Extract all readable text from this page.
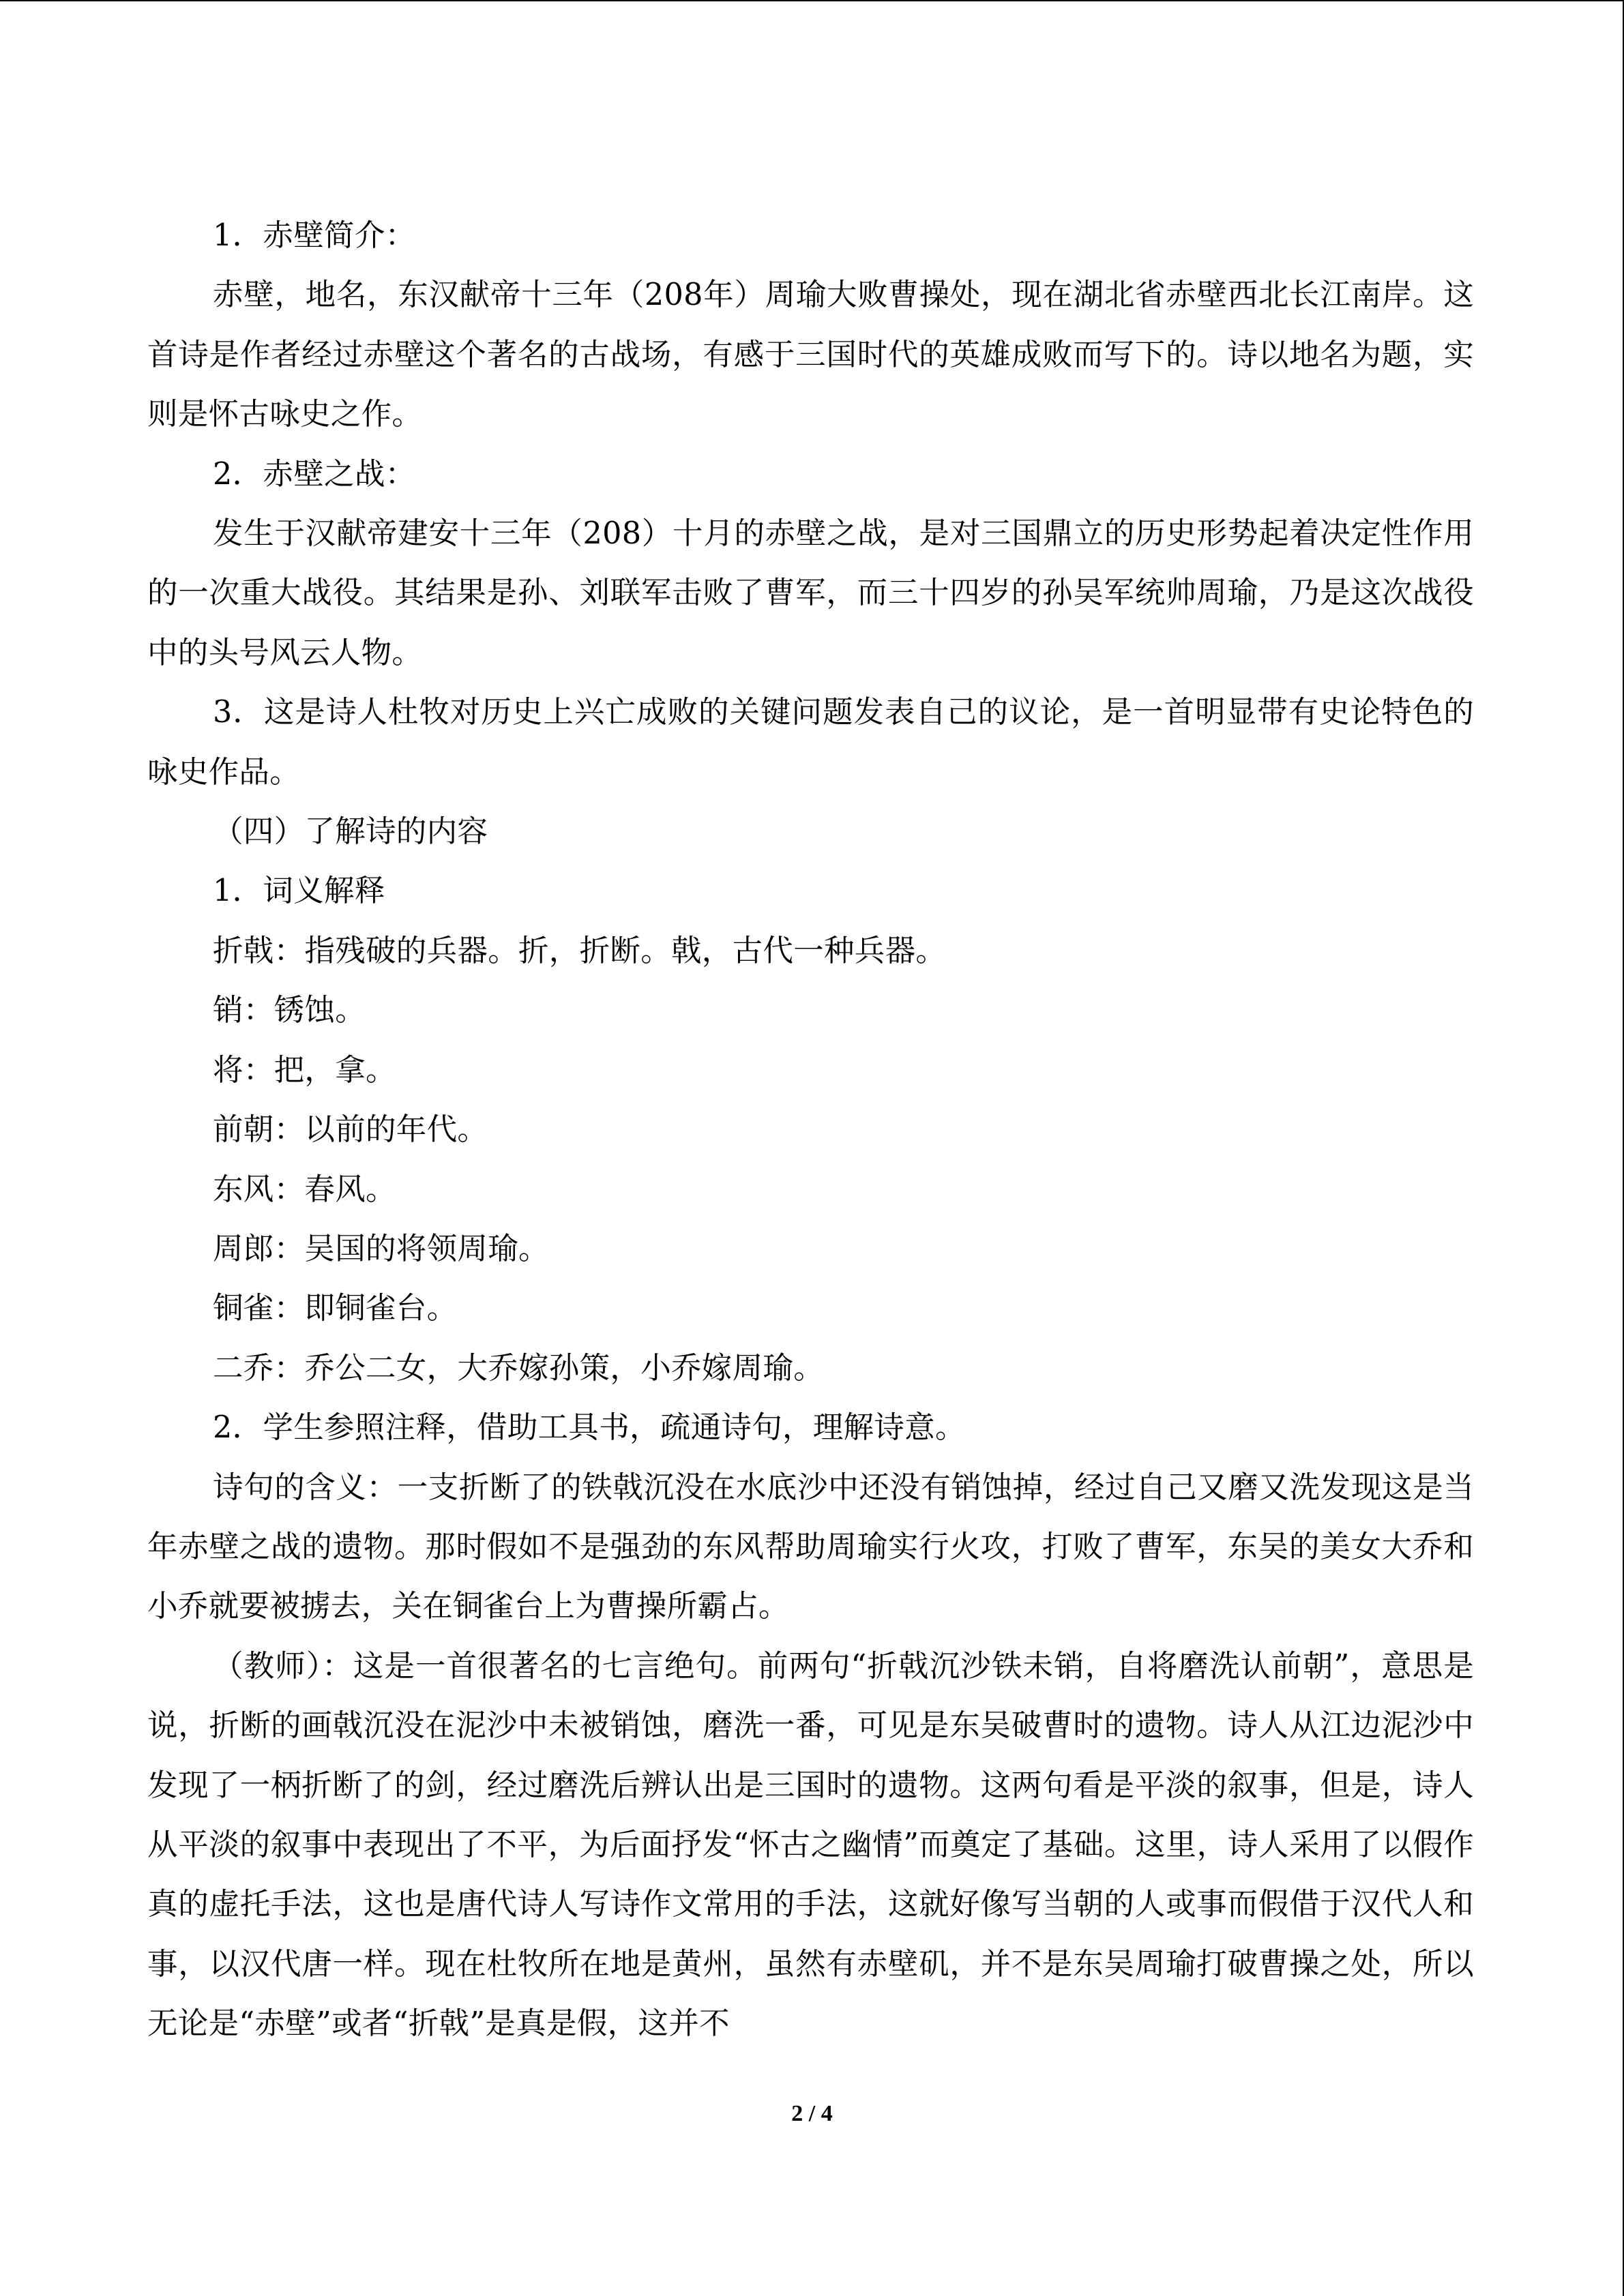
1．赤壁简介：

赤壁，地名，东汉献帝十三年（208年）周瑜大败曹操处，现在湖北省赤壁西北长江南岸。这首诗是作者经过赤壁这个著名的古战场，有感于三国时代的英雄成败而写下的。诗以地名为题，实则是怀古咏史之作。

2．赤壁之战：

发生于汉献帝建安十三年（208）十月的赤壁之战，是对三国鼎立的历史形势起着决定性作用的一次重大战役。其结果是孙、刘联军击败了曹军，而三十四岁的孙吴军统帅周瑜，乃是这次战役中的头号风云人物。

3．这是诗人杜牧对历史上兴亡成败的关键问题发表自己的议论，是一首明显带有史论特色的咏史作品。

（四）了解诗的内容

1．词义解释

折戟：指残破的兵器。折，折断。戟，古代一种兵器。

销：锈蚀。

将：把，拿。

前朝：以前的年代。

东风：春风。

周郎：吴国的将领周瑜。

铜雀：即铜雀台。

二乔：乔公二女，大乔嫁孙策，小乔嫁周瑜。

2．学生参照注释，借助工具书，疏通诗句，理解诗意。

诗句的含义：一支折断了的铁戟沉没在水底沙中还没有销蚀掉，经过自己又磨又洗发现这是当年赤壁之战的遗物。那时假如不是强劲的东风帮助周瑜实行火攻，打败了曹军，东吴的美女大乔和小乔就要被掳去，关在铜雀台上为曹操所霸占。

（教师）：这是一首很著名的七言绝句。前两句“折戟沉沙铁未销，自将磨洗认前朝”，意思是说，折断的画戟沉没在泥沙中未被销蚀，磨洗一番，可见是东吴破曹时的遗物。诗人从江边泥沙中发现了一柄折断了的剑，经过磨洗后辨认出是三国时的遗物。这两句看是平淡的叙事，但是，诗人从平淡的叙事中表现出了不平，为后面抒发“怀古之幽情”而奠定了基础。这里，诗人采用了以假作真的虚托手法，这也是唐代诗人写诗作文常用的手法，这就好像写当朝的人或事而假借于汉代人和事，以汉代唐一样。现在杜牧所在地是黄州，虽然有赤壁矶，并不是东吴周瑜打破曹操之处，所以无论是“赤壁”或者“折戟”是真是假，这并不

2 / 4
